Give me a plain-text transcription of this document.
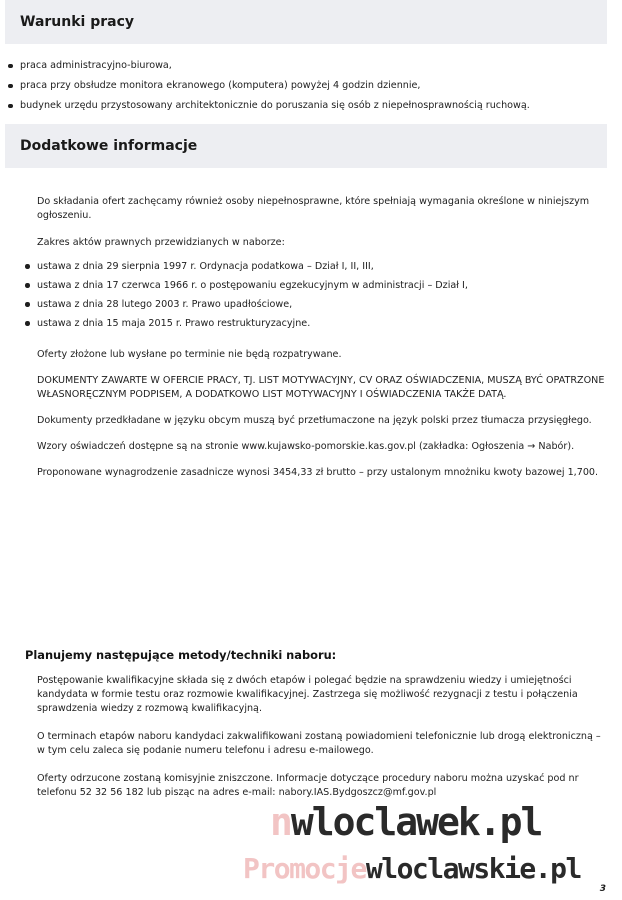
Warunki pracy
praca administracyjno-biurowa,
praca przy obsłudze monitora ekranowego (komputera) powyżej 4 godzin dziennie,
budynek urzędu przystosowany architektonicznie do poruszania się osób z niepełnosprawnością ruchową.
Dodatkowe informacje

Do składania ofert zachęcamy również osoby niepełnosprawne, które spełniają wymagania określone w niniejszym ogłoszeniu.

Zakres aktów prawnych przewidzianych w naborze:

ustawa z dnia 29 sierpnia 1997 r. Ordynacja podatkowa – Dział I, II, III,
ustawa z dnia 17 czerwca 1966 r. o postępowaniu egzekucyjnym w administracji – Dział I,
ustawa z dnia 28 lutego 2003 r. Prawo upadłościowe,
ustawa z dnia 15 maja 2015 r. Prawo restrukturyzacyjne.

Oferty złożone lub wysłane po terminie nie będą rozpatrywane.

DOKUMENTY ZAWARTE W OFERCIE PRACY, TJ. LIST MOTYWACYJNY, CV ORAZ OŚWIADCZENIA, MUSZĄ BYĆ OPATRZONE WŁASNORĘCZNYM PODPISEM, A DODATKOWO LIST MOTYWACYJNY I OŚWIADCZENIA TAKŻE DATĄ.

Dokumenty przedkładane w języku obcym muszą być przetłumaczone na język polski przez tłumacza przysięgłego.

Wzory oświadczeń dostępne są na stronie www.kujawsko-pomorskie.kas.gov.pl (zakładka: Ogłoszenia → Nabór).

Proponowane wynagrodzenie zasadnicze wynosi 3454,33 zł brutto – przy ustalonym mnożniku kwoty bazowej 1,700.

Planujemy następujące metody/techniki naboru:

Postępowanie kwalifikacyjne składa się z dwóch etapów i polegać będzie na sprawdzeniu wiedzy i umiejętności kandydata w formie testu oraz rozmowie kwalifikacyjnej. Zastrzega się możliwość rezygnacji z testu i połączenia sprawdzenia wiedzy z rozmową kwalifikacyjną.

O terminach etapów naboru kandydaci zakwalifikowani zostaną powiadomieni telefonicznie lub drogą elektroniczną – w tym celu zaleca się podanie numeru telefonu i adresu e-mailowego.

Oferty odrzucone zostaną komisyjnie zniszczone. Informacje dotyczące procedury naboru można uzyskać pod nr telefonu 52 32 56 182 lub pisząc na adres e-mail: nabory.IAS.Bydgoszcz@mf.gov.pl

nwloclawek.pl
Promocjewloclawskie.pl

3
